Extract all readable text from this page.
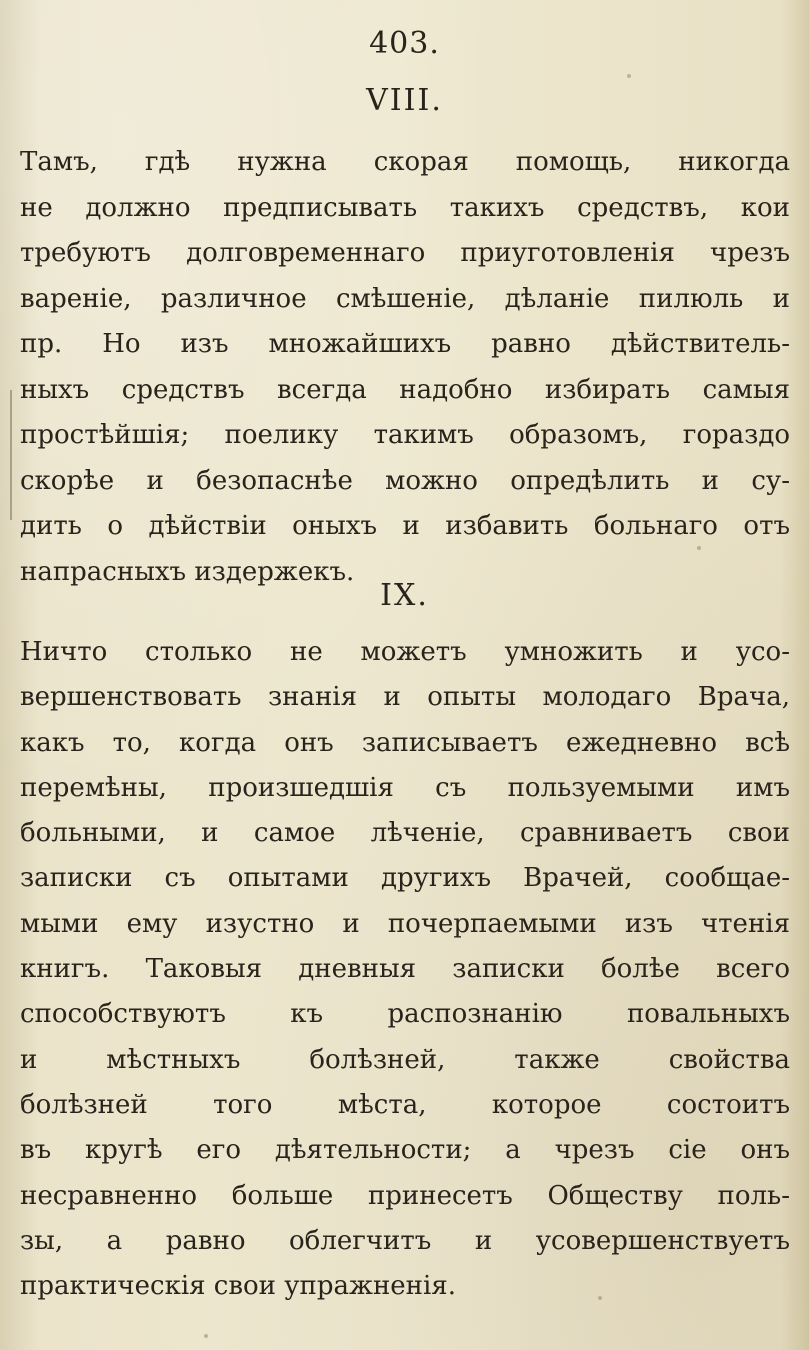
403.
VIII.
Тамъ, гдѣ нужна скорая помощь, никогда
не должно предписывать такихъ средствъ, кои
требуютъ долговременнаго приуготовленія чрезъ
вареніе, различное смѣшеніе, дѣланіе пилюль и
пр. Но изъ множайшихъ равно дѣйствитель-
ныхъ средствъ всегда надобно избирать самыя
простѣйшія; поелику такимъ образомъ, гораздо
скорѣе и безопаснѣе можно опредѣлить и су-
дить о дѣйствіи оныхъ и избавить больнаго отъ
напрасныхъ издержекъ.
IX.
Ничто столько не можетъ умножить и усо-
вершенствовать знанія и опыты молодаго Врача,
какъ то, когда онъ записываетъ ежедневно всѣ
перемѣны, произшедшія съ пользуемыми имъ
больными, и самое лѣченіе, сравниваетъ свои
записки съ опытами другихъ Врачей, сообщае-
мыми ему изустно и почерпаемыми изъ чтенія
книгъ. Таковыя дневныя записки болѣе всего
способствуютъ къ распознанію повальныхъ
и мѣстныхъ болѣзней, также свойства
болѣзней того мѣста, которое состоитъ
въ кругѣ его дѣятельности; а чрезъ сіе онъ
несравненно больше принесетъ Обществу поль-
зы, а равно облегчитъ и усовершенствуетъ
практическія свои упражненія.
